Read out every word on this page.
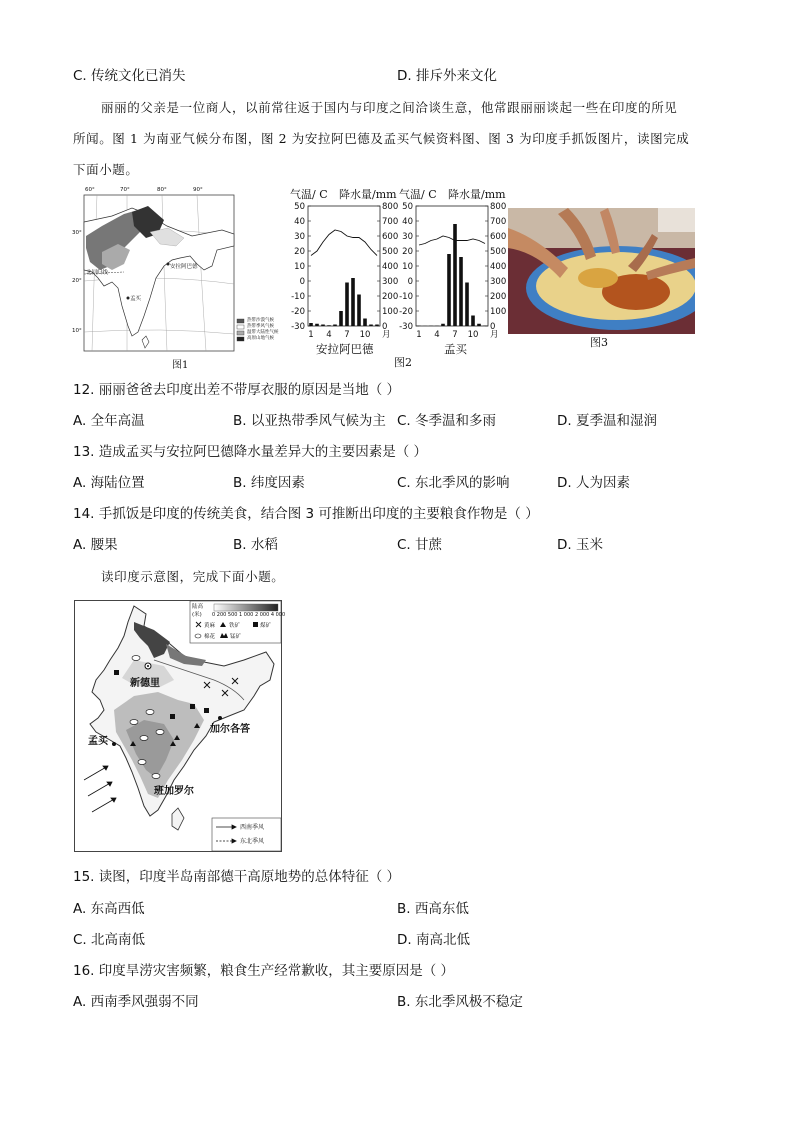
C. 传统文化已消失	D. 排斥外来文化
丽丽的父亲是一位商人，以前常往返于国内与印度之间洽谈生意，他常跟丽丽谈起一些在印度的所见
所闻。图 1 为南亚气候分布图，图 2 为安拉阿巴德及孟买气候资料图、图 3 为印度手抓饭图片，读图完成
下面小题。
60°	70°	80°	90°
30°
20°
10°
北回归线
安拉阿巴德
孟买
热带沙漠气候
热带季风气候
温带大陆性气候
高原山地气候
图1
气温/ C 降水量/mm 气温/ C 降水量/mm
50	800
40	700
30	600
20	500
10	400
0	300
-10	200
-20	100
-30	0
1 4 7 10 月
50	800
40	700
30	600
20	500
10	400
0	300
-10	200
-20	100
-30	0
1 4 7 10 月
安拉阿巴德	孟买
图2
图3
12. 丽丽爸爸去印度出差不带厚衣服的原因是当地（ ）
A. 全年高温	B. 以亚热带季风气候为主 C. 冬季温和多雨	D. 夏季温和湿润
13. 造成孟买与安拉阿巴德降水量差异大的主要因素是（ ）
A. 海陆位置	B. 纬度因素	C. 东北季风的影响	D. 人为因素
14. 手抓饭是印度的传统美食，结合图 3 可推断出印度的主要粮食作物是（ ）
A. 腰果	B. 水稻	C. 甘蔗	D. 玉米
读印度示意图，完成下面小题。
陆高
(米) 0 200 500 1 000 2 000 4 000
黄麻	铁矿	煤矿
棉花	锰矿
新德里
加尔各答
孟买
班加罗尔
西南季风
东北季风
15. 读图，印度半岛南部德干高原地势的总体特征（ ）
A. 东高西低	B. 西高东低
C. 北高南低	D. 南高北低
16. 印度旱涝灾害频繁，粮食生产经常歉收，其主要原因是（ ）
A. 西南季风强弱不同	B. 东北季风极不稳定
